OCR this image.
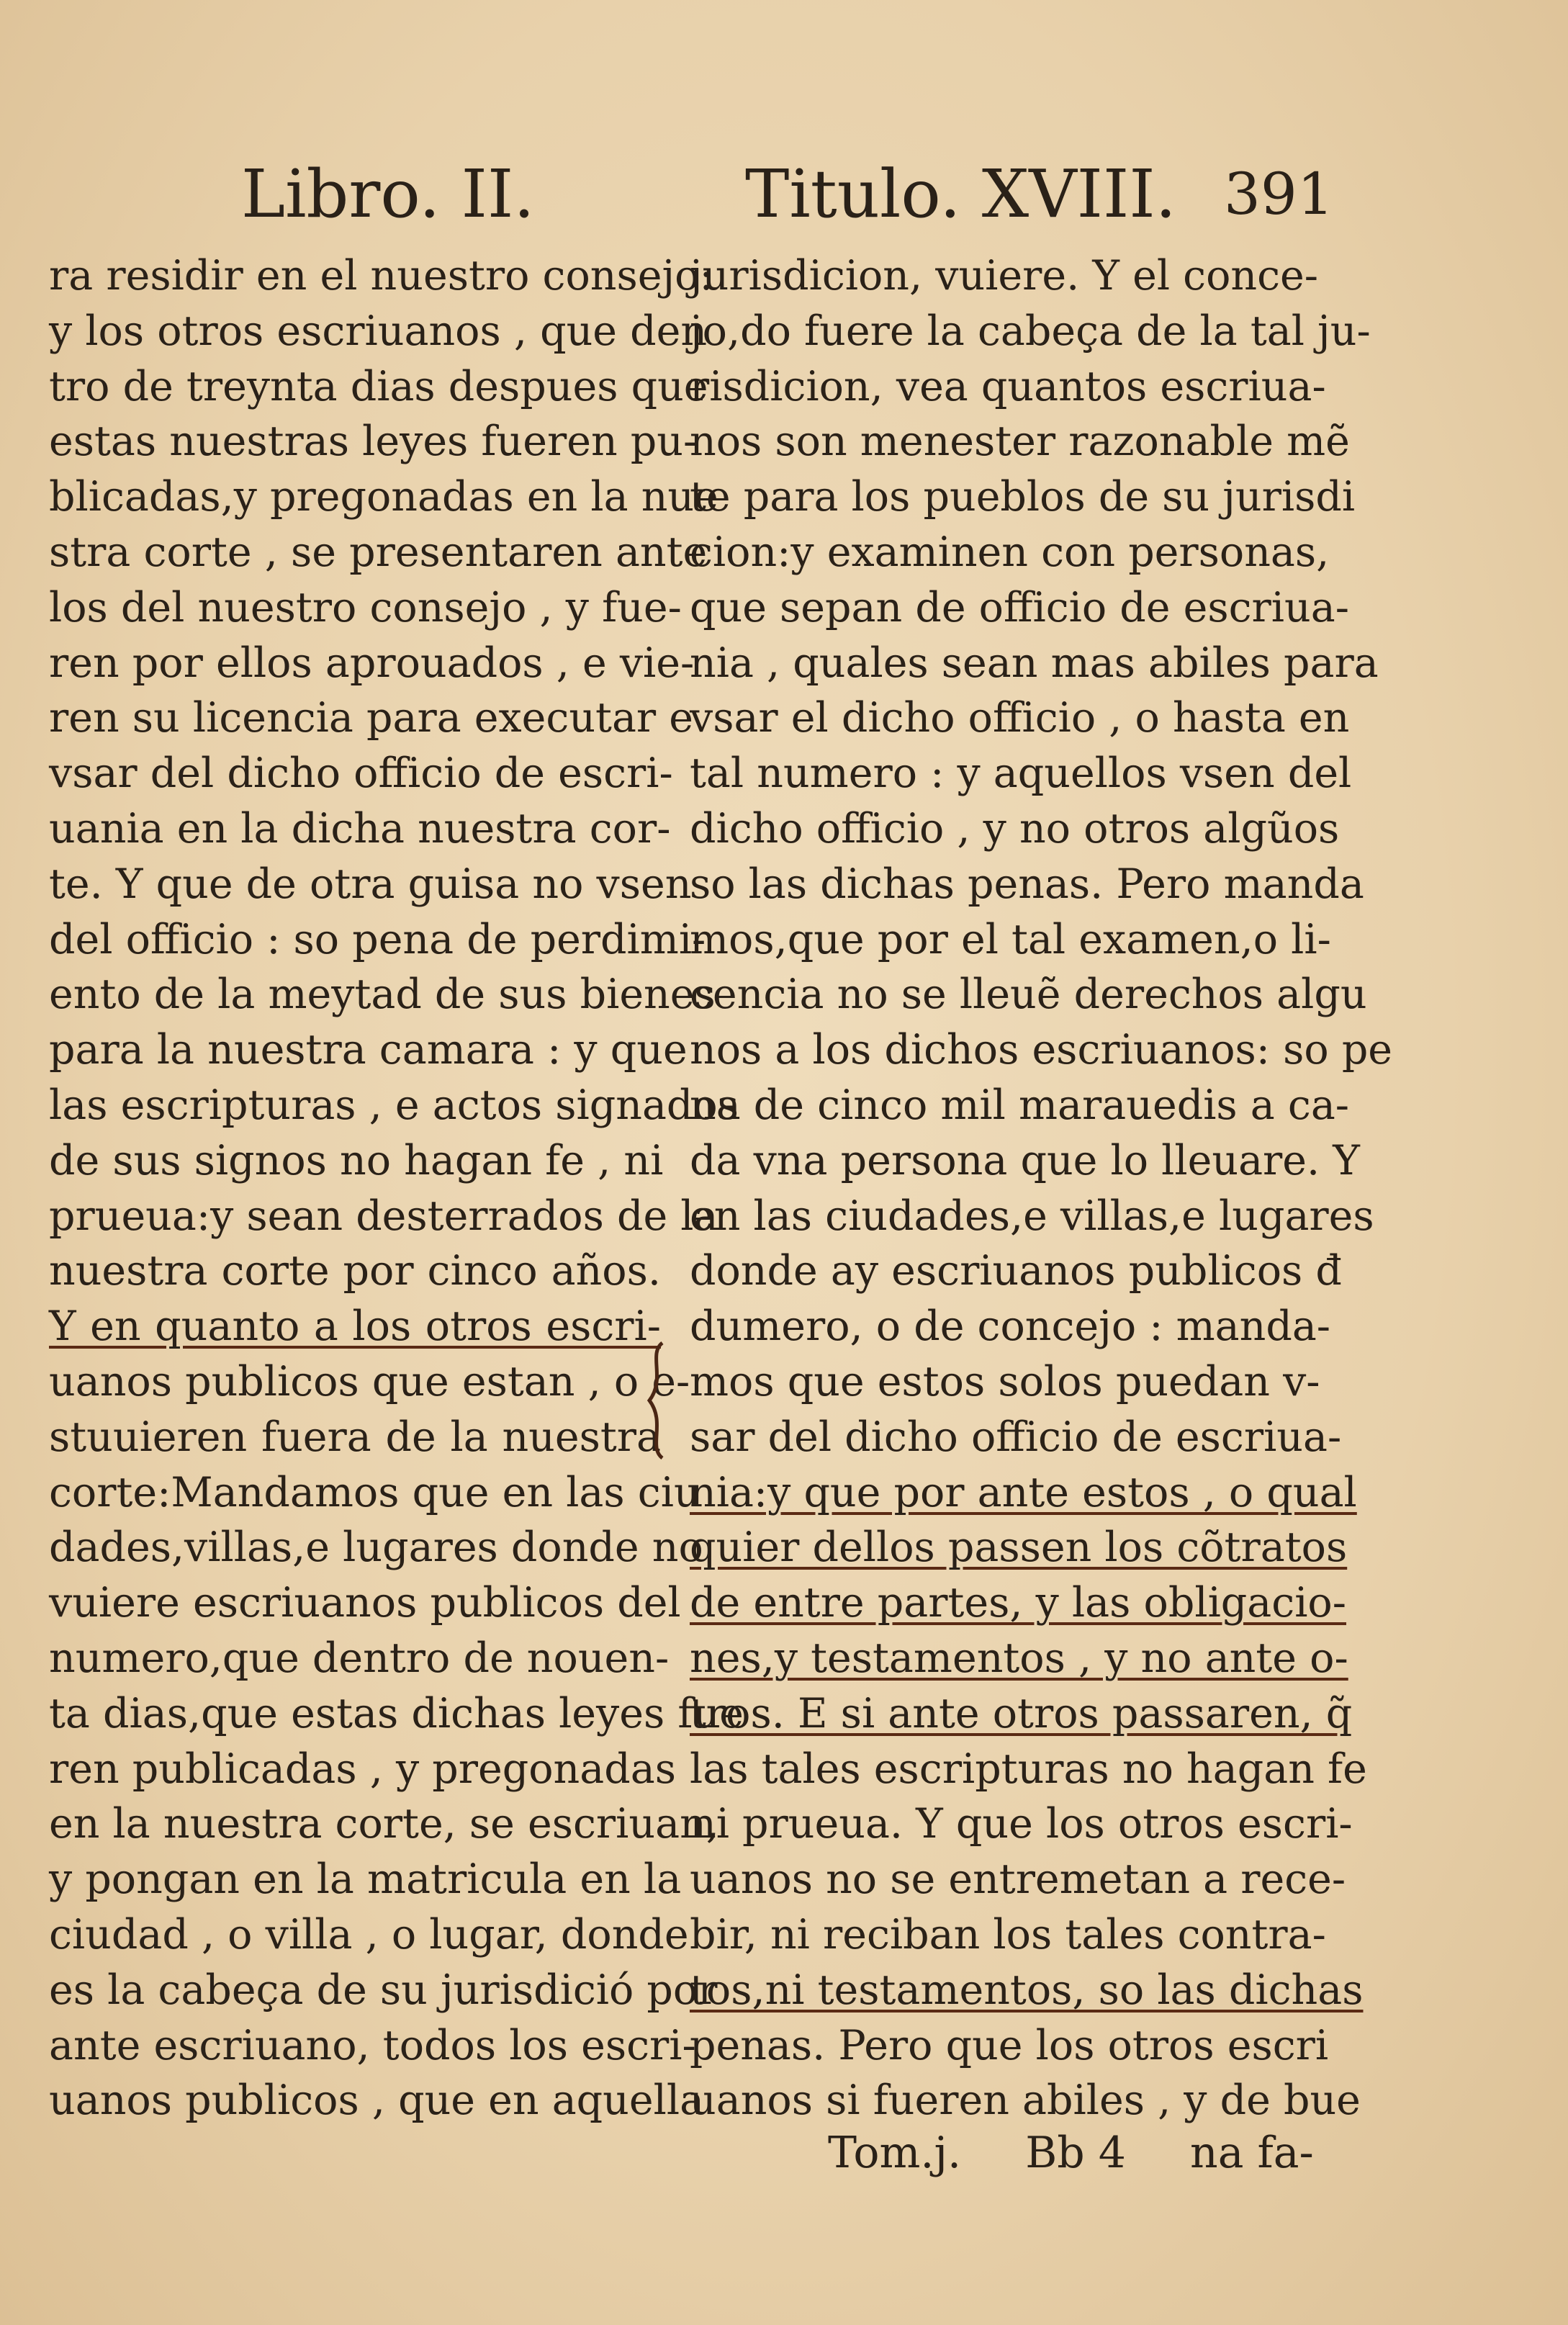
Libro. II.	Titulo. XVIII. 391
ra residir en el nuestro consejo:
y los otros escriuanos , que den
tro de treynta dias despues que
estas nuestras leyes fueren pu-
blicadas,y pregonadas en la nue
stra corte , se presentaren ante
los del nuestro consejo , y fue-
ren por ellos aprouados , e vie-
ren su licencia para executar e
vsar del dicho officio de escri-
uania en la dicha nuestra cor-
te. Y que de otra guisa no vsen
del officio : so pena de perdimi-
ento de la meytad de sus bienes
para la nuestra camara : y que
las escripturas , e actos signados
de sus signos no hagan fe , ni
prueua:y sean desterrados de la
nuestra corte por cinco años.
Y en quanto a los otros escri-
uanos publicos que estan , o e-
stuuieren fuera de la nuestra
corte:Mandamos que en las ciu
dades,villas,e lugares donde no
vuiere escriuanos publicos del
numero,que dentro de nouen-
ta dias,que estas dichas leyes fue
ren publicadas , y pregonadas
en la nuestra corte, se escriuan,
y pongan en la matricula en la
ciudad , o villa , o lugar, donde
es la cabeça de su jurisdició por
ante escriuano, todos los escri-
uanos publicos , que en aquella
jurisdicion, vuiere. Y el conce-
jo,do fuere la cabeça de la tal ju-
risdicion, vea quantos escriua-
nos son menester razonable mẽ
te para los pueblos de su jurisdi
cion:y examinen con personas,
que sepan de officio de escriua-
nia , quales sean mas abiles para
vsar el dicho officio , o hasta en
tal numero : y aquellos vsen del
dicho officio , y no otros algũos
so las dichas penas. Pero manda
mos,que por el tal examen,o li-
cencia no se lleuẽ derechos algu
nos a los dichos escriuanos: so pe
na de cinco mil marauedis a ca-
da vna persona que lo lleuare. Y
en las ciudades,e villas,e lugares
donde ay escriuanos publicos đ
dumero, o de concejo : manda-
mos que estos solos puedan v-
sar del dicho officio de escriua-
nia:y que por ante estos , o qual
quier dellos passen los cõtratos
de entre partes, y las obligacio-
nes,y testamentos , y no ante o-
tros. E si ante otros passaren, q̃
las tales escripturas no hagan fe
ni prueua. Y que los otros escri-
uanos no se entremetan a rece-
bir, ni reciban los tales contra-
tos,ni testamentos, so las dichas
penas. Pero que los otros escri
uanos si fueren abiles , y de bue
Tom.j. Bb 4 na fa-
